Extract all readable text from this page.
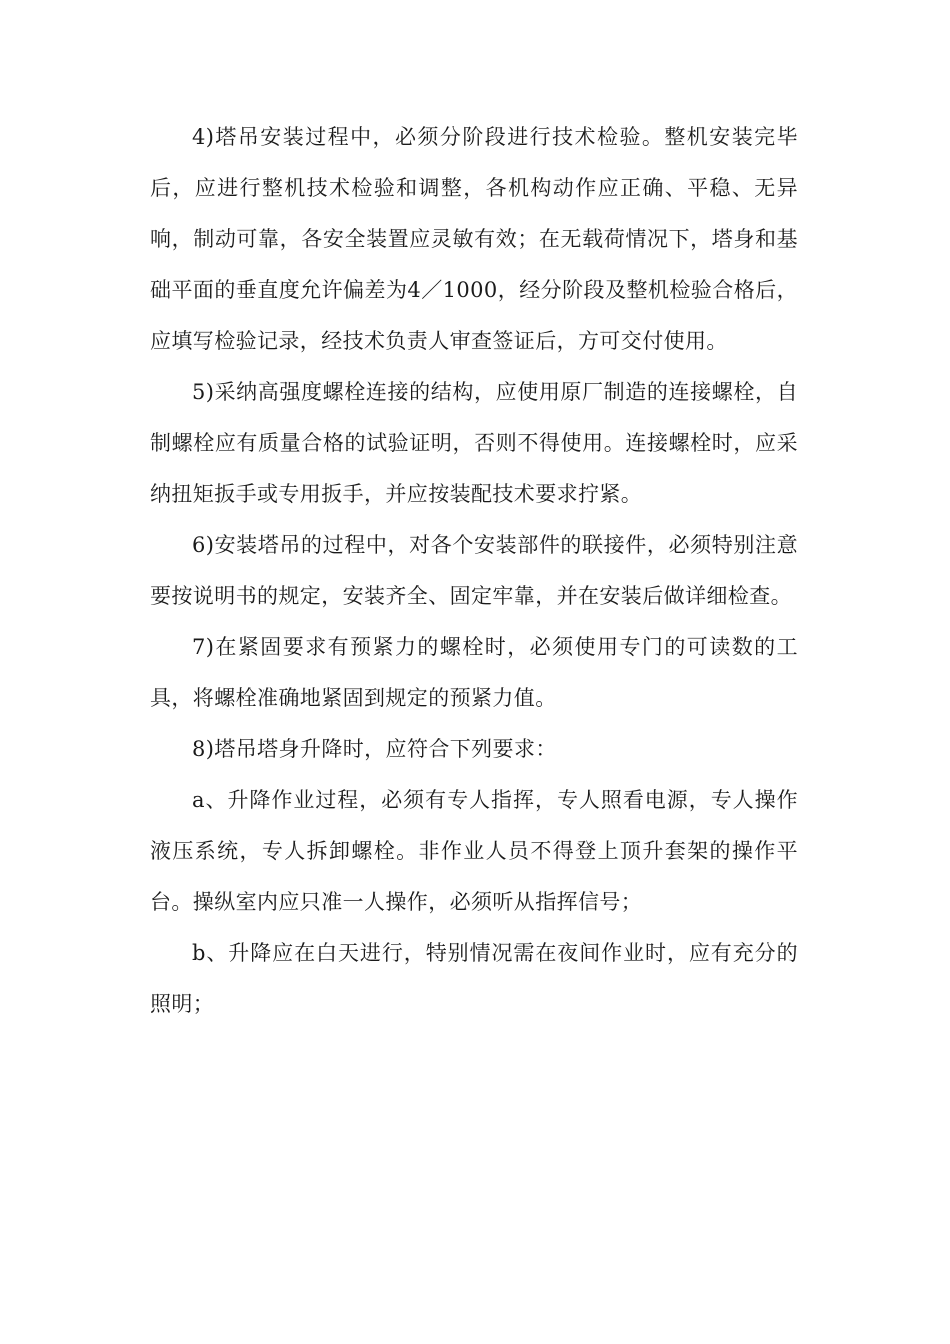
4)塔吊安装过程中，必须分阶段进行技术检验。整机安装完毕后，应进行整机技术检验和调整，各机构动作应正确、平稳、无异响，制动可靠，各安全装置应灵敏有效；在无载荷情况下，塔身和基础平面的垂直度允许偏差为4／1000，经分阶段及整机检验合格后，应填写检验记录，经技术负责人审查签证后，方可交付使用。

5)采纳高强度螺栓连接的结构，应使用原厂制造的连接螺栓，自制螺栓应有质量合格的试验证明，否则不得使用。连接螺栓时，应采纳扭矩扳手或专用扳手，并应按装配技术要求拧紧。

6)安装塔吊的过程中，对各个安装部件的联接件，必须特别注意要按说明书的规定，安装齐全、固定牢靠，并在安装后做详细检查。

7)在紧固要求有预紧力的螺栓时，必须使用专门的可读数的工具，将螺栓准确地紧固到规定的预紧力值。

8)塔吊塔身升降时，应符合下列要求：

a、升降作业过程，必须有专人指挥，专人照看电源，专人操作液压系统，专人拆卸螺栓。非作业人员不得登上顶升套架的操作平台。操纵室内应只准一人操作，必须听从指挥信号；

b、升降应在白天进行，特别情况需在夜间作业时，应有充分的照明；
